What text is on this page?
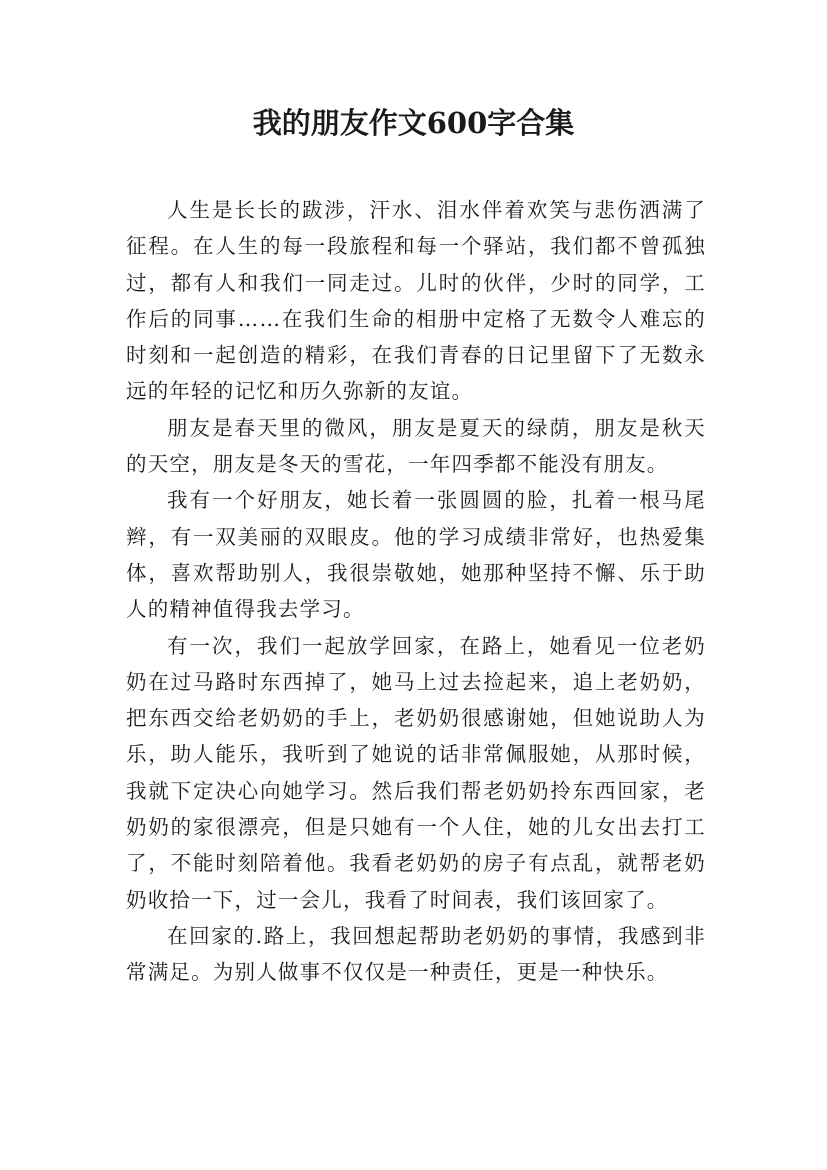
我的朋友作文600字合集

人生是长长的跋涉，汗水、泪水伴着欢笑与悲伤洒满了征程。在人生的每一段旅程和每一个驿站，我们都不曾孤独过，都有人和我们一同走过。儿时的伙伴，少时的同学，工作后的同事……在我们生命的相册中定格了无数令人难忘的时刻和一起创造的精彩，在我们青春的日记里留下了无数永远的年轻的记忆和历久弥新的友谊。

朋友是春天里的微风，朋友是夏天的绿荫，朋友是秋天的天空，朋友是冬天的雪花，一年四季都不能没有朋友。

我有一个好朋友，她长着一张圆圆的脸，扎着一根马尾辫，有一双美丽的双眼皮。他的学习成绩非常好，也热爱集体，喜欢帮助别人，我很崇敬她，她那种坚持不懈、乐于助人的精神值得我去学习。

有一次，我们一起放学回家，在路上，她看见一位老奶奶在过马路时东西掉了，她马上过去捡起来，追上老奶奶，把东西交给老奶奶的手上，老奶奶很感谢她，但她说助人为乐，助人能乐，我听到了她说的话非常佩服她，从那时候，我就下定决心向她学习。然后我们帮老奶奶拎东西回家，老奶奶的家很漂亮，但是只她有一个人住，她的儿女出去打工了，不能时刻陪着他。我看老奶奶的房子有点乱，就帮老奶奶收拾一下，过一会儿，我看了时间表，我们该回家了。

在回家的.路上，我回想起帮助老奶奶的事情，我感到非常满足。为别人做事不仅仅是一种责任，更是一种快乐。
